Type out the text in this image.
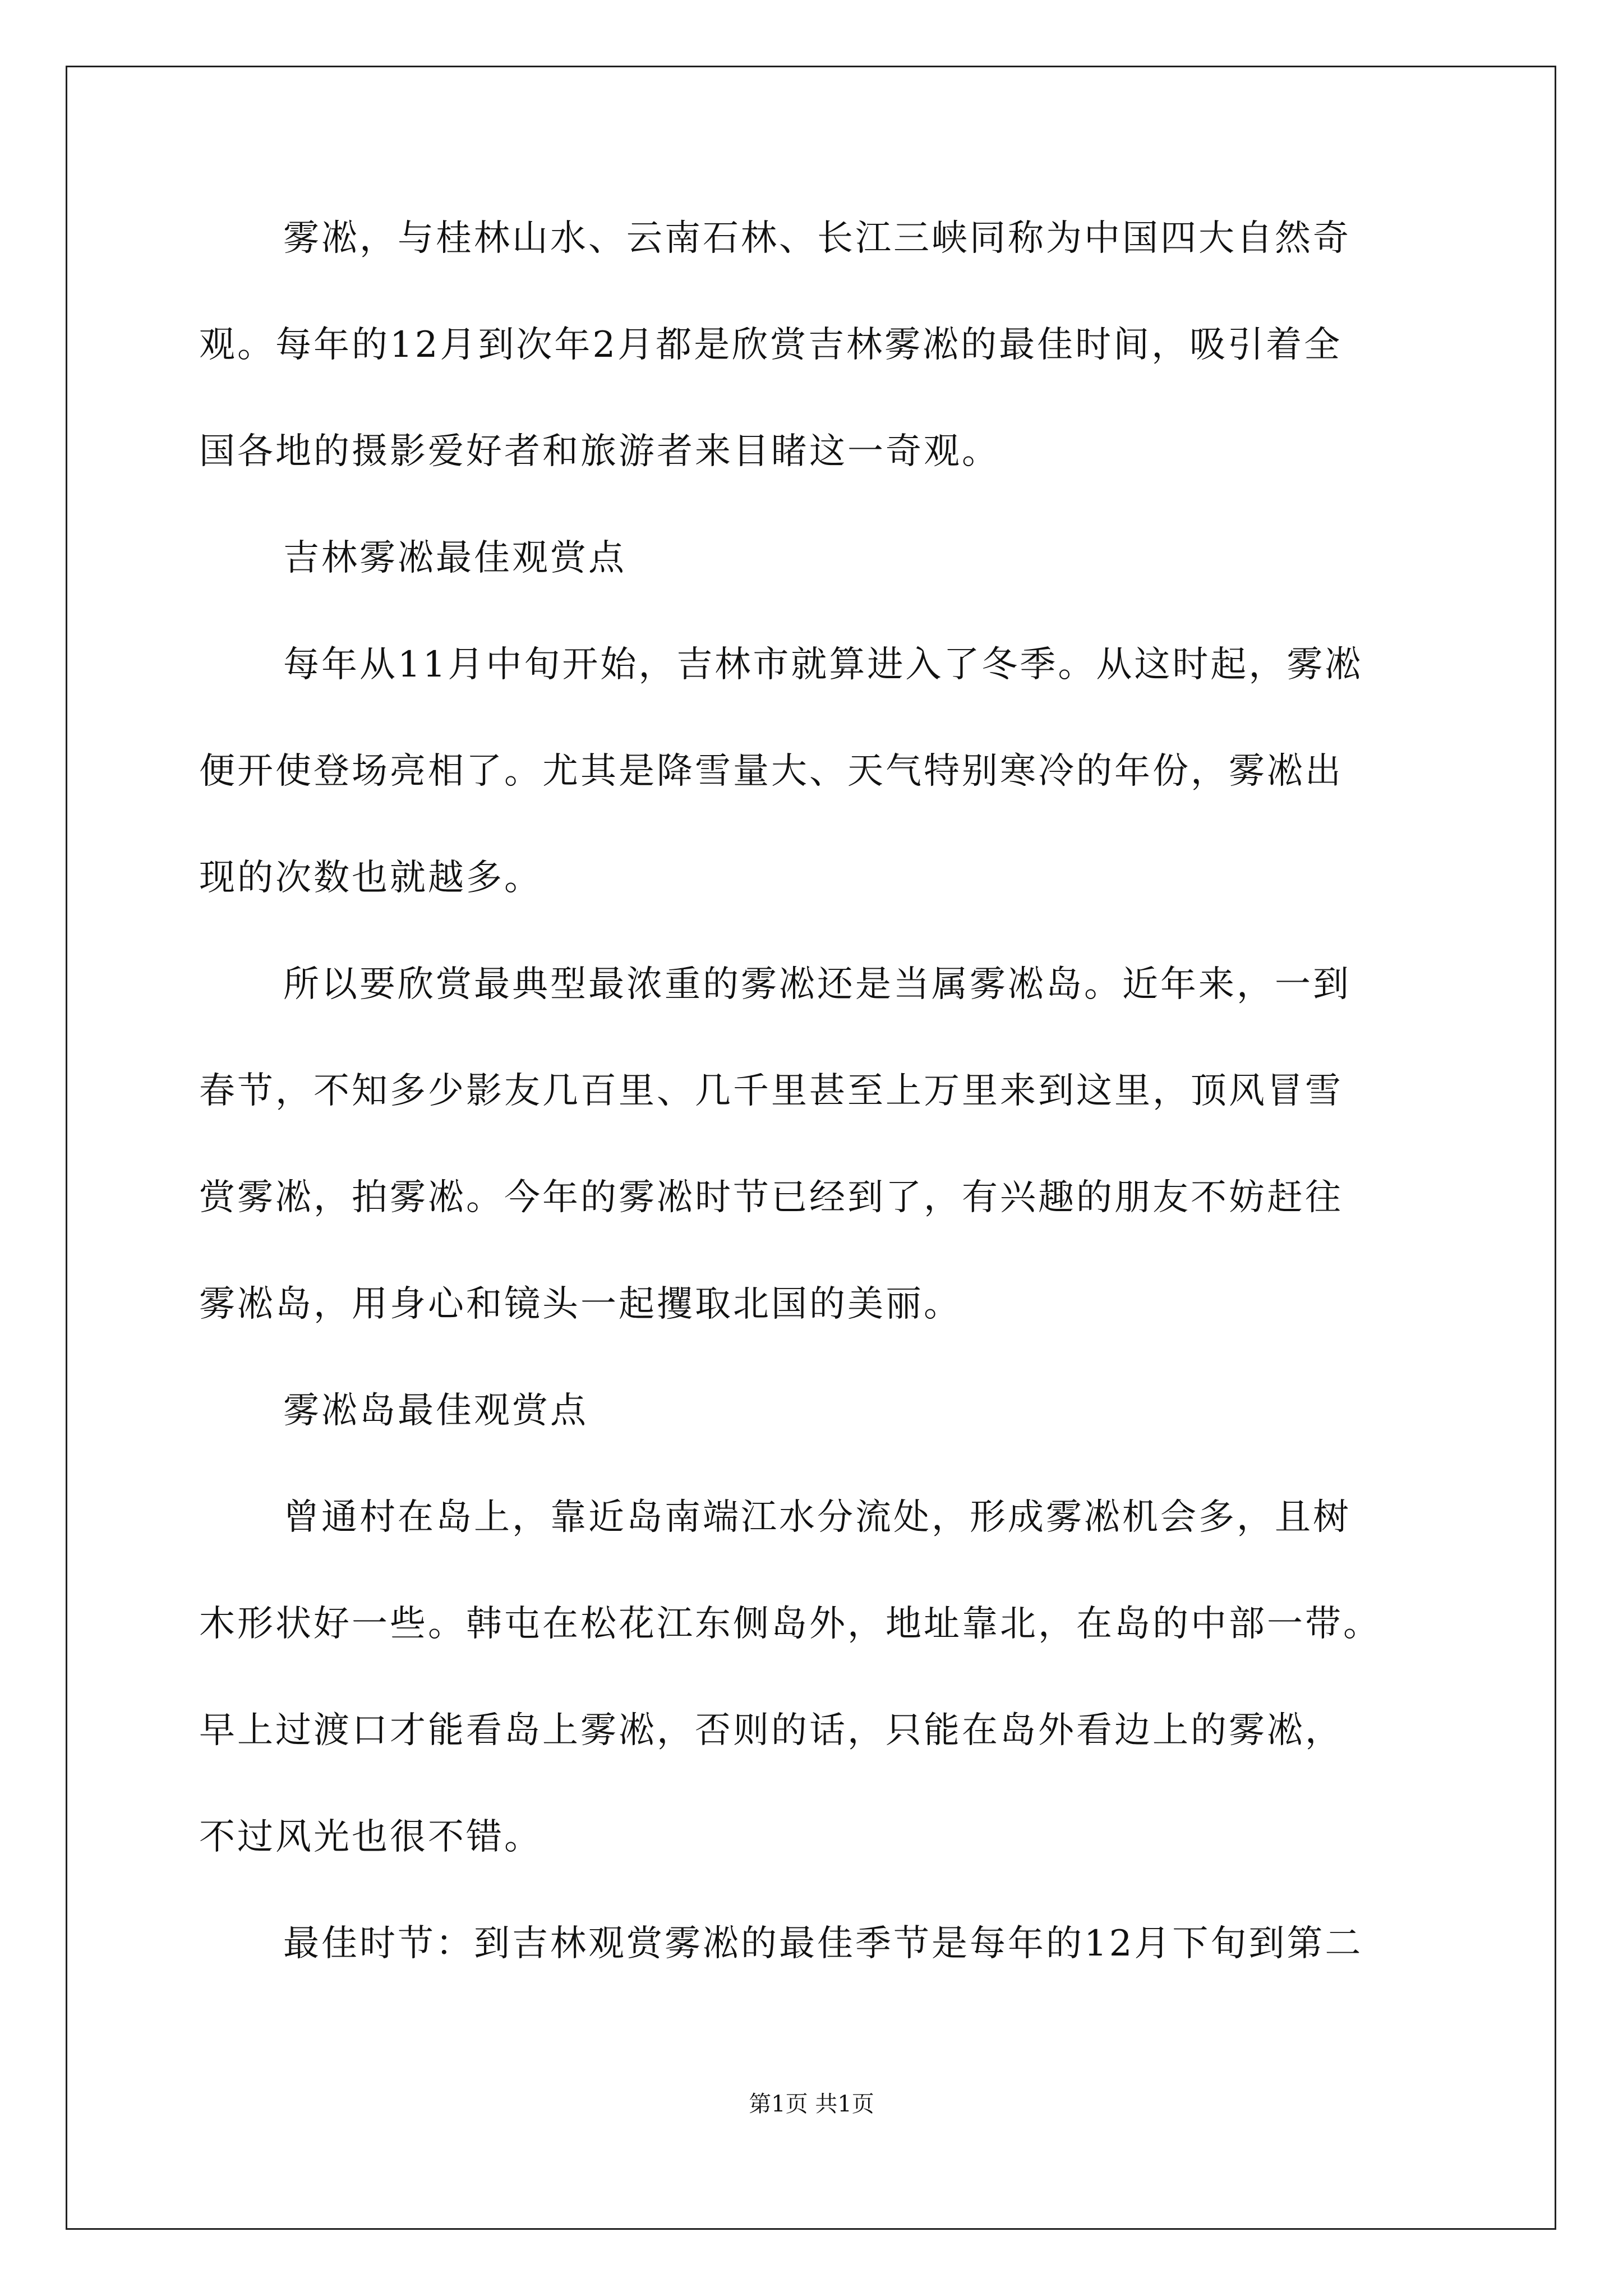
雾凇，与桂林山水、云南石林、长江三峡同称为中国四大自然奇
观。每年的12月到次年2月都是欣赏吉林雾凇的最佳时间，吸引着全
国各地的摄影爱好者和旅游者来目睹这一奇观。
吉林雾凇最佳观赏点
每年从11月中旬开始，吉林市就算进入了冬季。从这时起，雾凇
便开使登场亮相了。尤其是降雪量大、天气特别寒冷的年份，雾凇出
现的次数也就越多。
所以要欣赏最典型最浓重的雾凇还是当属雾凇岛。近年来，一到
春节，不知多少影友几百里、几千里甚至上万里来到这里，顶风冒雪
赏雾凇，拍雾凇。今年的雾凇时节已经到了，有兴趣的朋友不妨赶往
雾凇岛，用身心和镜头一起攫取北国的美丽。
雾凇岛最佳观赏点
曾通村在岛上，靠近岛南端江水分流处，形成雾凇机会多，且树
木形状好一些。韩屯在松花江东侧岛外，地址靠北，在岛的中部一带。
早上过渡口才能看岛上雾凇，否则的话，只能在岛外看边上的雾凇，
不过风光也很不错。
最佳时节：到吉林观赏雾凇的最佳季节是每年的12月下旬到第二
第1页 共1页
